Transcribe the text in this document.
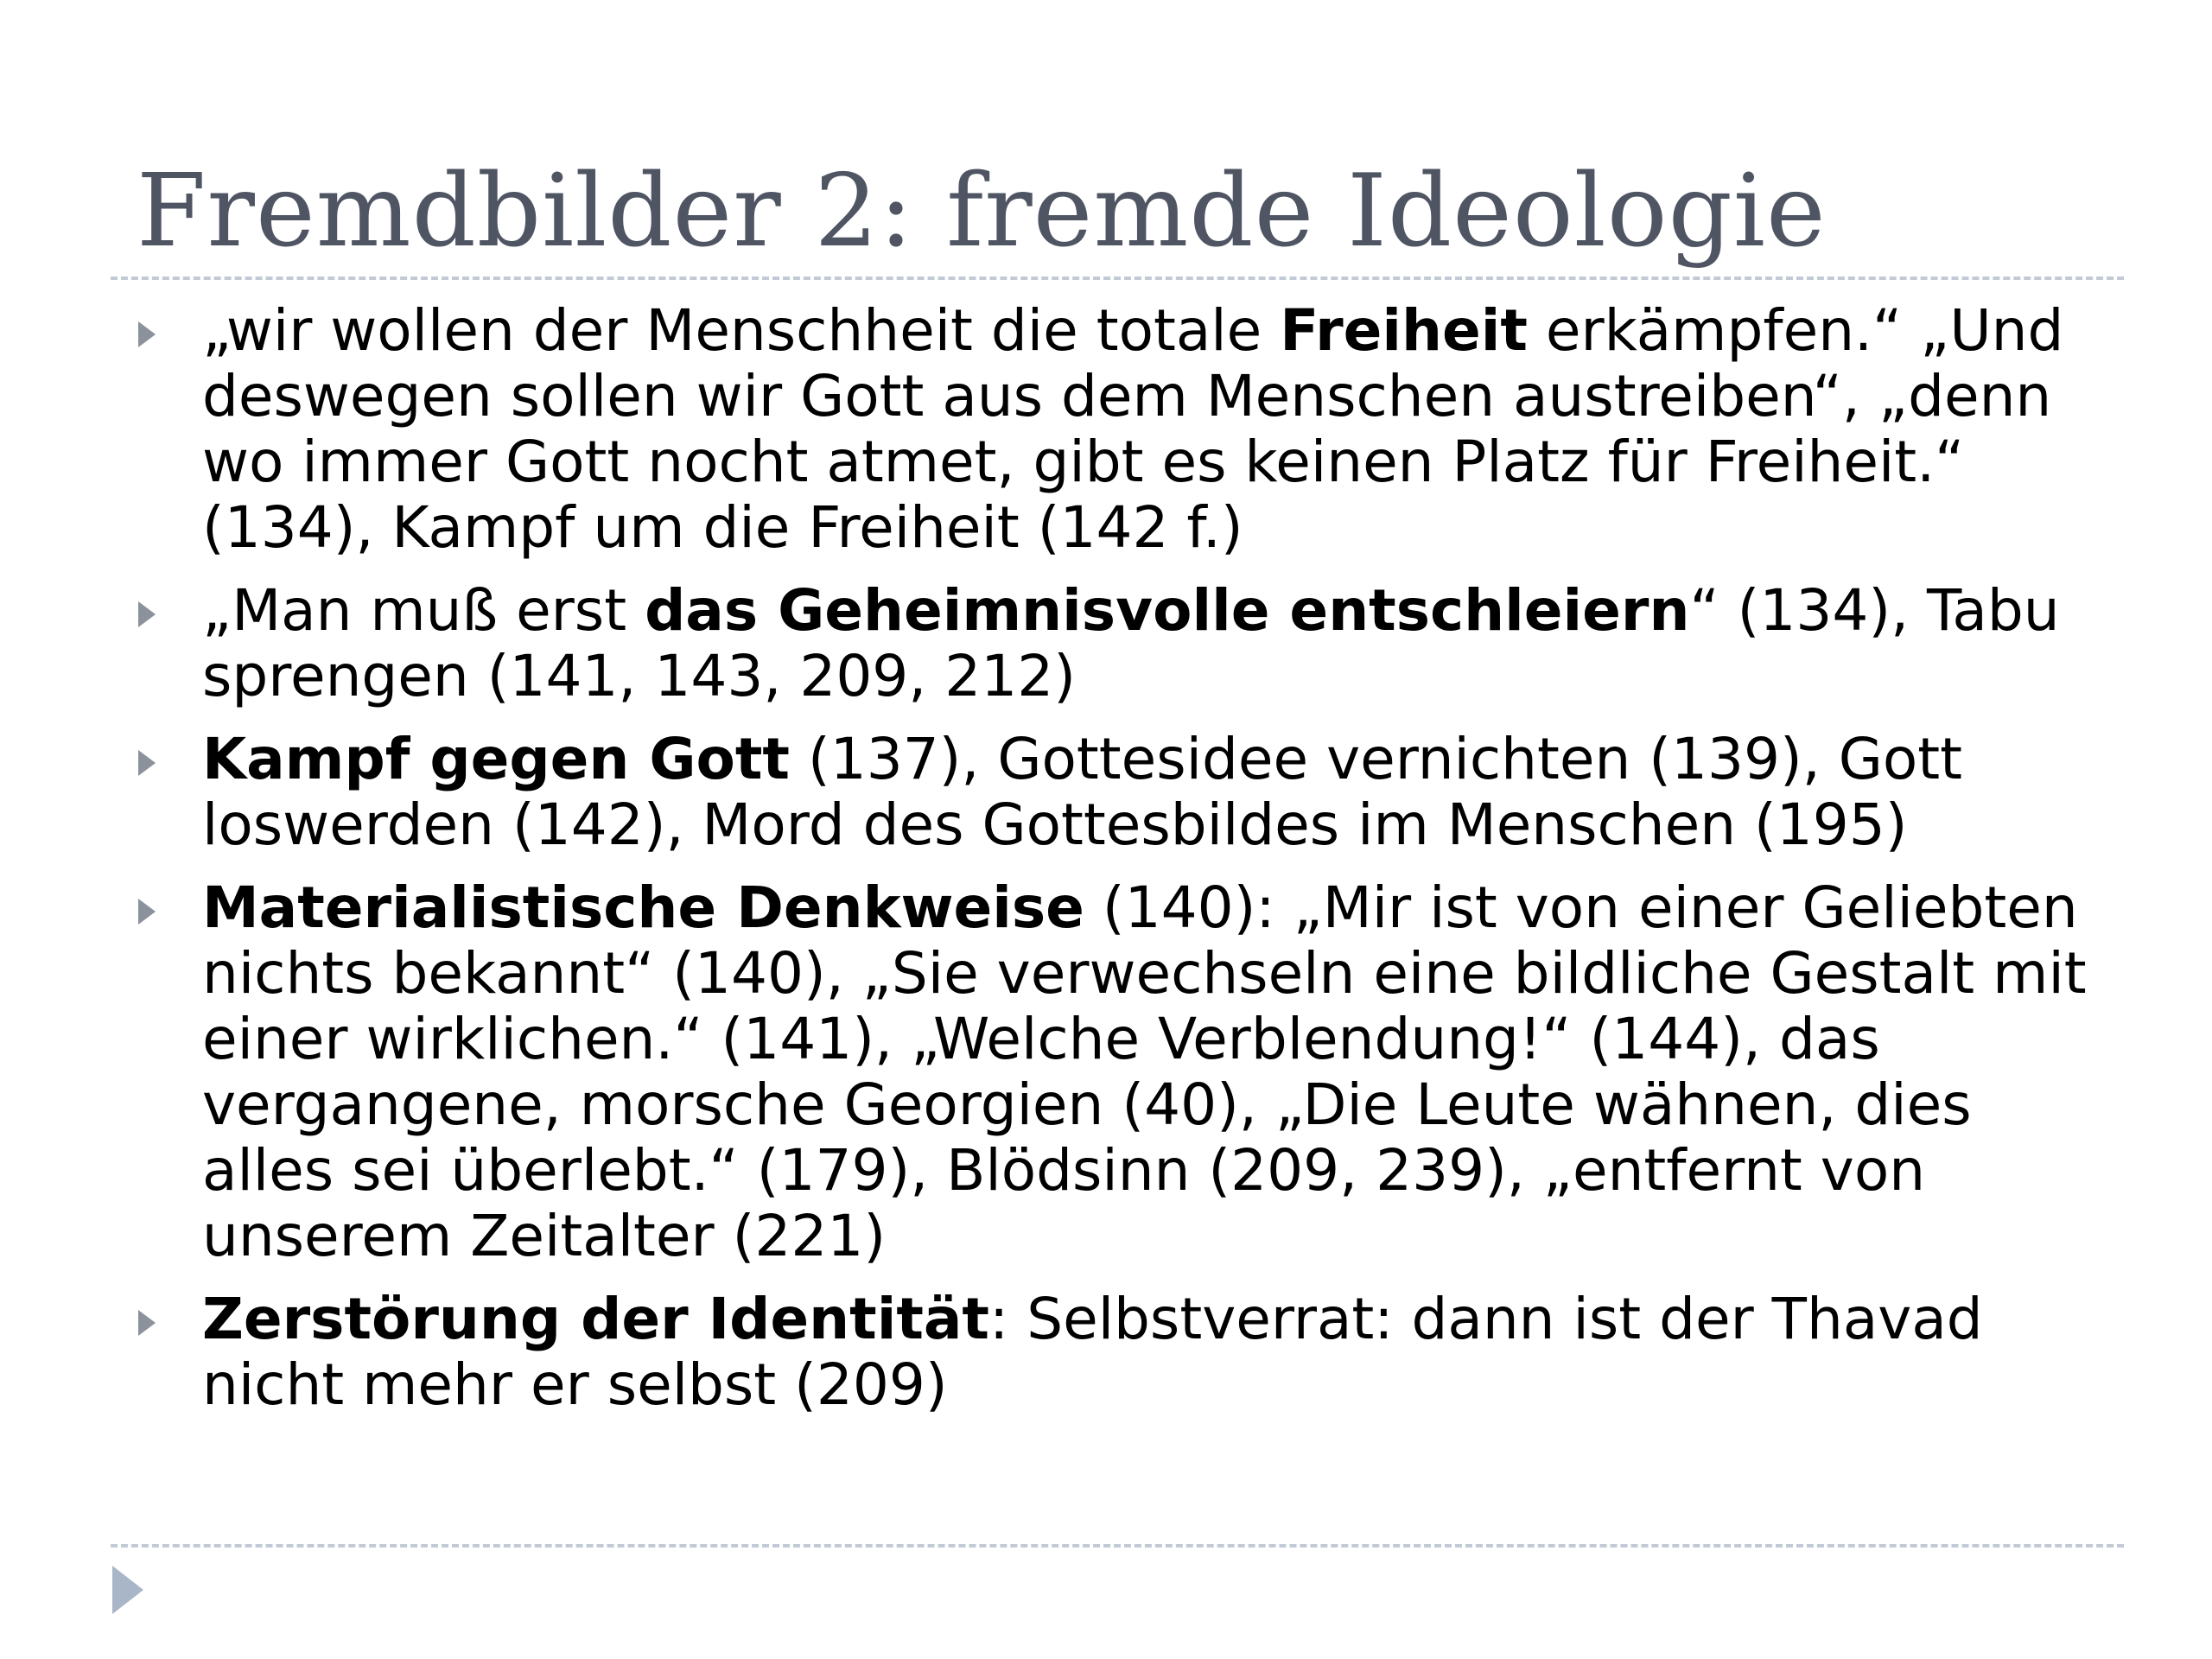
Fremdbilder 2: fremde Ideologie
„wir wollen der Menschheit die totale Freiheit erkämpfen.“ „Und deswegen sollen wir Gott aus dem Menschen austreiben“, „denn wo immer Gott nocht atmet, gibt es keinen Platz für Freiheit.“ (134), Kampf um die Freiheit (142 f.)
„Man muß erst das Geheimnisvolle entschleiern“ (134), Tabu sprengen (141, 143, 209, 212)
Kampf gegen Gott (137), Gottesidee vernichten (139), Gott loswerden (142), Mord des Gottesbildes im Menschen (195)
Materialistische Denkweise (140): „Mir ist von einer Geliebten nichts bekannt“ (140), „Sie verwechseln eine bildliche Gestalt mit einer wirklichen.“ (141), „Welche Verblendung!“ (144), das vergangene, morsche Georgien (40), „Die Leute wähnen, dies alles sei überlebt.“ (179), Blödsinn (209, 239), „entfernt von unserem Zeitalter (221)
Zerstörung der Identität: Selbstverrat: dann ist der Thavad nicht mehr er selbst (209)
